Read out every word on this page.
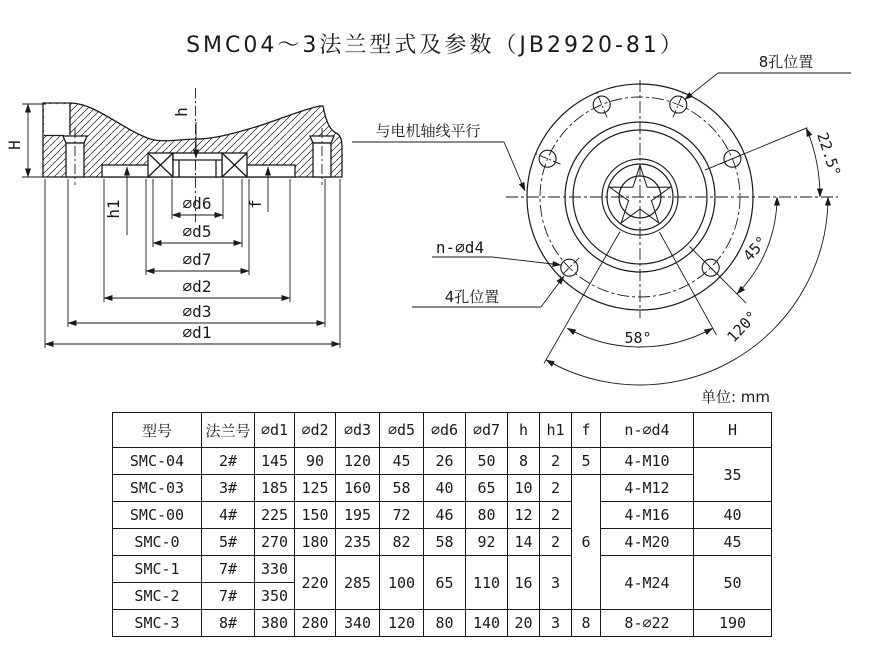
SMC04～3法兰型式及参数（JB2920-81）
∅d6
∅d5
∅d7
∅d2
∅d3
∅d1
H
h
h1	f
8孔位置
与电机轴线平行
n-∅d4
4孔位置
22.5°
45°
58°	120°
单位: mm
型号	法兰号	∅d1	∅d2	∅d3	∅d5	∅d6	∅d7	h	h1	f	n-∅d4	H
SMC-04	2#	145	90	120	45	26	50	8	2	5	4-M10	35
SMC-03	3#	185	125	160	58	40	65	10	2	6	4-M12	
SMC-00	4#	225	150	195	72	46	80	12	2		4-M16	40
SMC-0	5#	270	180	235	82	58	92	14	2		4-M20	45
SMC-1	7#	330	220	285	100	65	110	16	3		4-M24	50
SMC-2	7#	350										
SMC-3	8#	380	280	340	120	80	140	20	3	8	8-∅22	190
